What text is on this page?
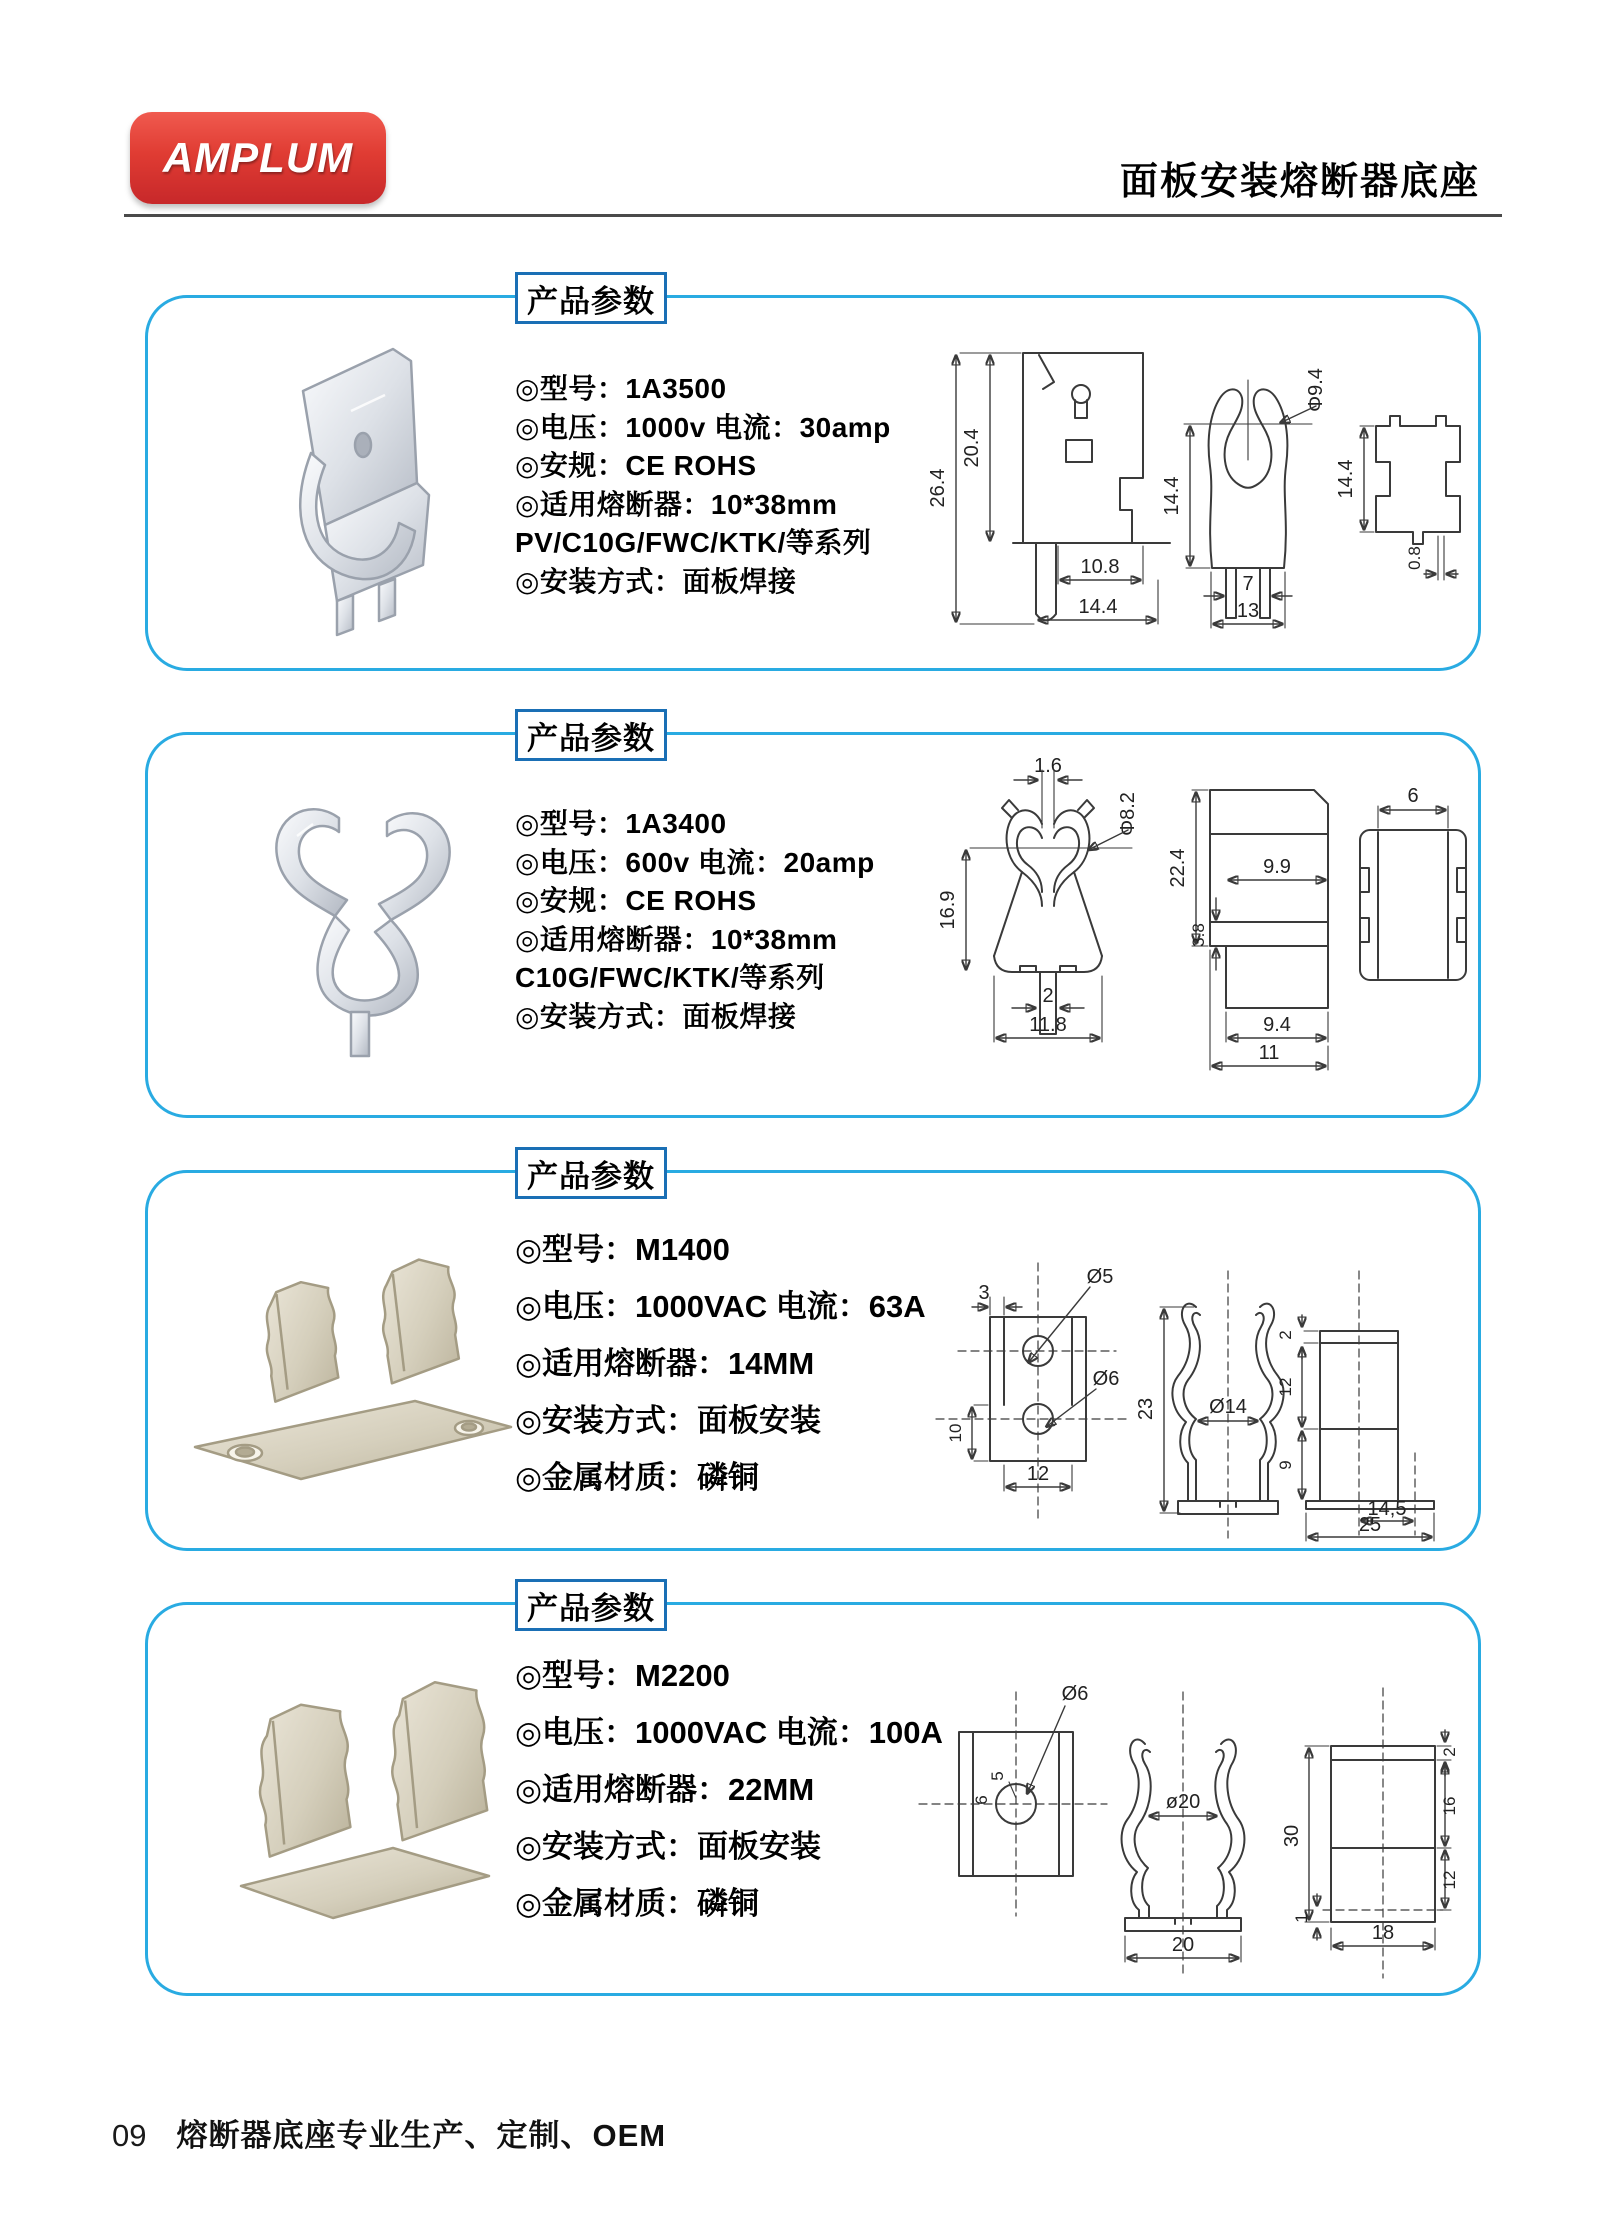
AMPLUM
面板安装熔断器底座
产品参数
◎型号：1A3500
◎电压：1000v 电流：30amp
◎安规：CE ROHS
◎适用熔断器：10*38mm
PV/C10G/FWC/KTK/等系列
◎安装方式：面板焊接
26.4
20.4
10.8
14.4
Φ9.4
14.4
7
13
14.4
0.8
产品参数
◎型号：1A3400
◎电压：600v 电流：20amp
◎安规：CE ROHS
◎适用熔断器：10*38mm
C10G/FWC/KTK/等系列
◎安装方式：面板焊接
1.6
Φ8.2
16.9
2
11.8
22.4	9.9
3.8
9.4
11
6
产品参数
◎型号：M1400
◎电压：1000VAC 电流：63A
◎适用熔断器：14MM
◎安装方式：面板安装
◎金属材质：磷铜
3
Ø5
Ø6
10
12
23	Ø14
2
12
9
14,5
25
产品参数
◎型号：M2200
◎电压：1000VAC 电流：100A
◎适用熔断器：22MM
◎安装方式：面板安装
◎金属材质：磷铜
Ø6
5
6	ø20
20
30
2
16
12
1
18
09 熔断器底座专业生产、定制、OEM
